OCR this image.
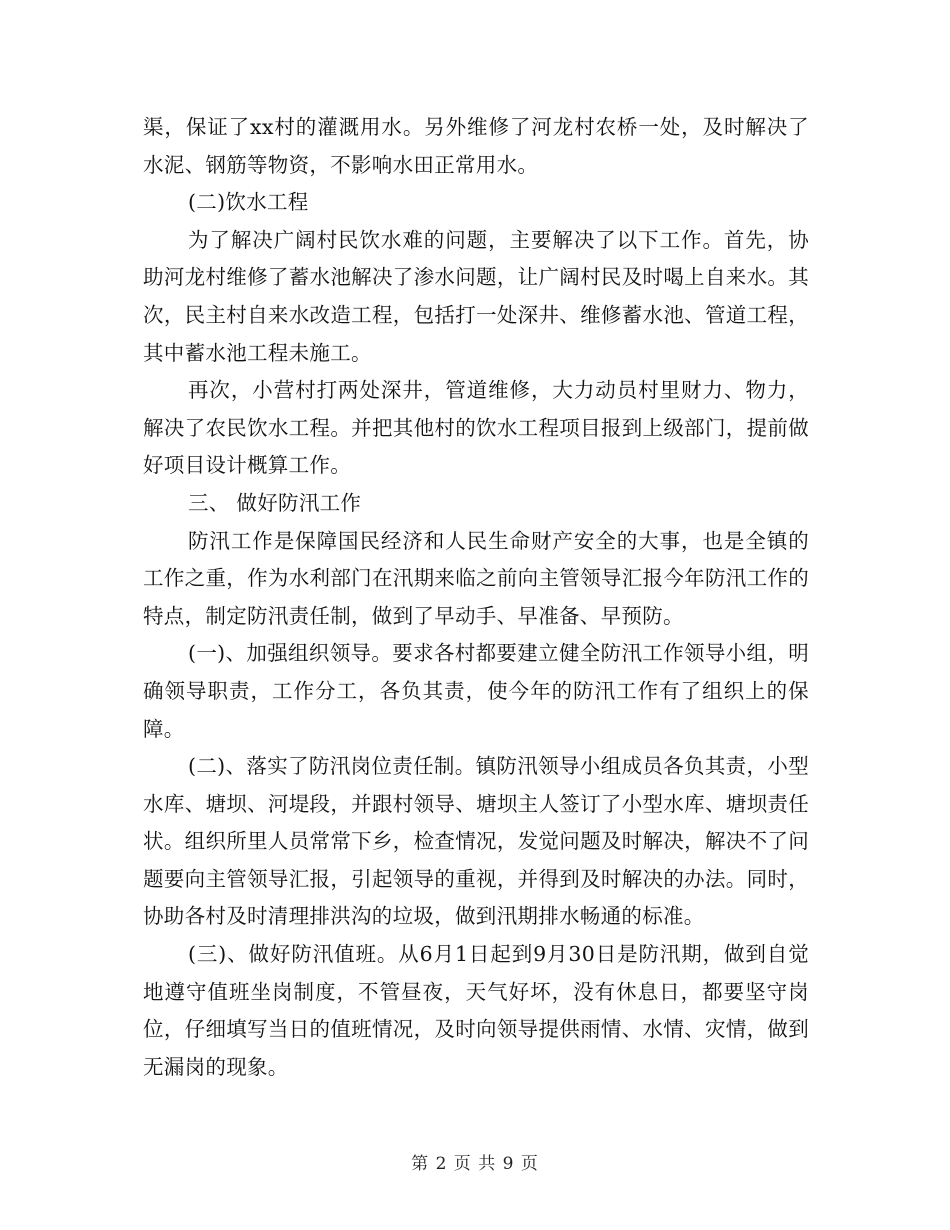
渠，保证了xx村的灌溉用水。另外维修了河龙村农桥一处，及时解决了水泥、钢筋等物资，不影响水田正常用水。

(二)饮水工程

为了解决广阔村民饮水难的问题，主要解决了以下工作。首先，协助河龙村维修了蓄水池解决了渗水问题，让广阔村民及时喝上自来水。其次，民主村自来水改造工程，包括打一处深井、维修蓄水池、管道工程，其中蓄水池工程未施工。

再次，小营村打两处深井，管道维修，大力动员村里财力、物力，解决了农民饮水工程。并把其他村的饮水工程项目报到上级部门，提前做好项目设计概算工作。

三、 做好防汛工作

防汛工作是保障国民经济和人民生命财产安全的大事，也是全镇的工作之重，作为水利部门在汛期来临之前向主管领导汇报今年防汛工作的特点，制定防汛责任制，做到了早动手、早准备、早预防。

(一)、加强组织领导。要求各村都要建立健全防汛工作领导小组，明确领导职责，工作分工，各负其责，使今年的防汛工作有了组织上的保障。

(二)、落实了防汛岗位责任制。镇防汛领导小组成员各负其责，小型水库、塘坝、河堤段，并跟村领导、塘坝主人签订了小型水库、塘坝责任状。组织所里人员常常下乡，检查情况，发觉问题及时解决，解决不了问题要向主管领导汇报，引起领导的重视，并得到及时解决的办法。同时，协助各村及时清理排洪沟的垃圾，做到汛期排水畅通的标准。

(三)、做好防汛值班。从6月1日起到9月30日是防汛期，做到自觉地遵守值班坐岗制度，不管昼夜，天气好坏，没有休息日，都要坚守岗位，仔细填写当日的值班情况，及时向领导提供雨情、水情、灾情，做到无漏岗的现象。

第 2 页 共 9 页
